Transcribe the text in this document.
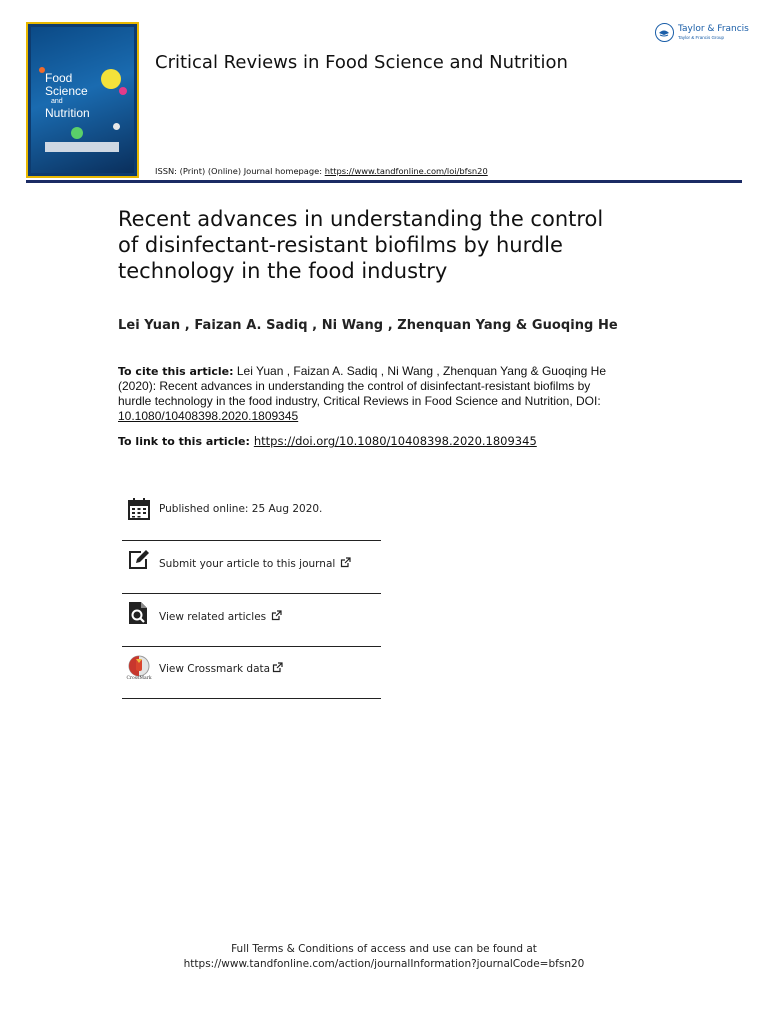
Food
Science
and
Nutrition
Critical Reviews in Food Science and Nutrition
ISSN: (Print) (Online) Journal homepage: https://www.tandfonline.com/loi/bfsn20
Taylor & Francis
Taylor & Francis Group
Recent advances in understanding the control
of disinfectant-resistant biofilms by hurdle
technology in the food industry
Lei Yuan , Faizan A. Sadiq , Ni Wang , Zhenquan Yang & Guoqing He
To cite this article: Lei Yuan , Faizan A. Sadiq , Ni Wang , Zhenquan Yang & Guoqing He
(2020): Recent advances in understanding the control of disinfectant-resistant biofilms by
hurdle technology in the food industry, Critical Reviews in Food Science and Nutrition, DOI:
10.1080/10408398.2020.1809345
To link to this article: https://doi.org/10.1080/10408398.2020.1809345
Published online: 25 Aug 2020.
Submit your article to this journal
View related articles
CrossMark
View Crossmark data
Full Terms & Conditions of access and use can be found at
https://www.tandfonline.com/action/journalInformation?journalCode=bfsn20
